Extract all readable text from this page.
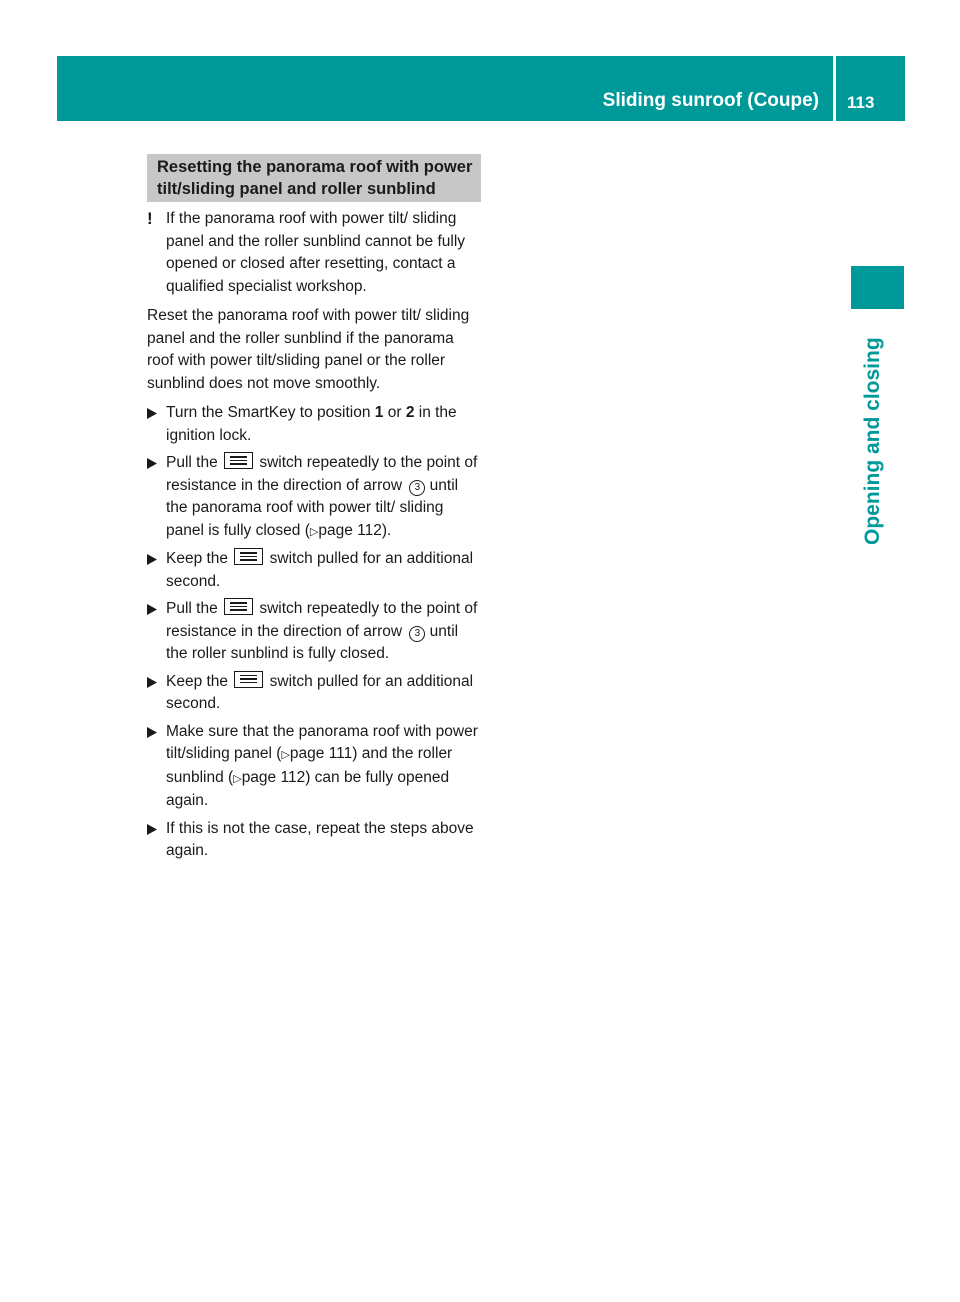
Sliding sunroof (Coupe) 113
Opening and closing
Resetting the panorama roof with power tilt/sliding panel and roller sunblind
! If the panorama roof with power tilt/ sliding panel and the roller sunblind cannot be fully opened or closed after resetting, contact a qualified specialist workshop.

Reset the panorama roof with power tilt/ sliding panel and the roller sunblind if the panorama roof with power tilt/sliding panel or the roller sunblind does not move smoothly.

Turn the SmartKey to position 1 or 2 in the ignition lock.
Pull the
switch repeatedly to the point of resistance in the direction of arrow 3 until the panorama roof with power tilt/ sliding panel is fully closed (▷page 112).
Keep the
switch pulled for an additional second.
Pull the
switch repeatedly to the point of resistance in the direction of arrow 3 until the roller sunblind is fully closed.
Keep the
switch pulled for an additional second.
Make sure that the panorama roof with power tilt/sliding panel (▷page 111) and the roller sunblind (▷page 112) can be fully opened again.
If this is not the case, repeat the steps above again.
